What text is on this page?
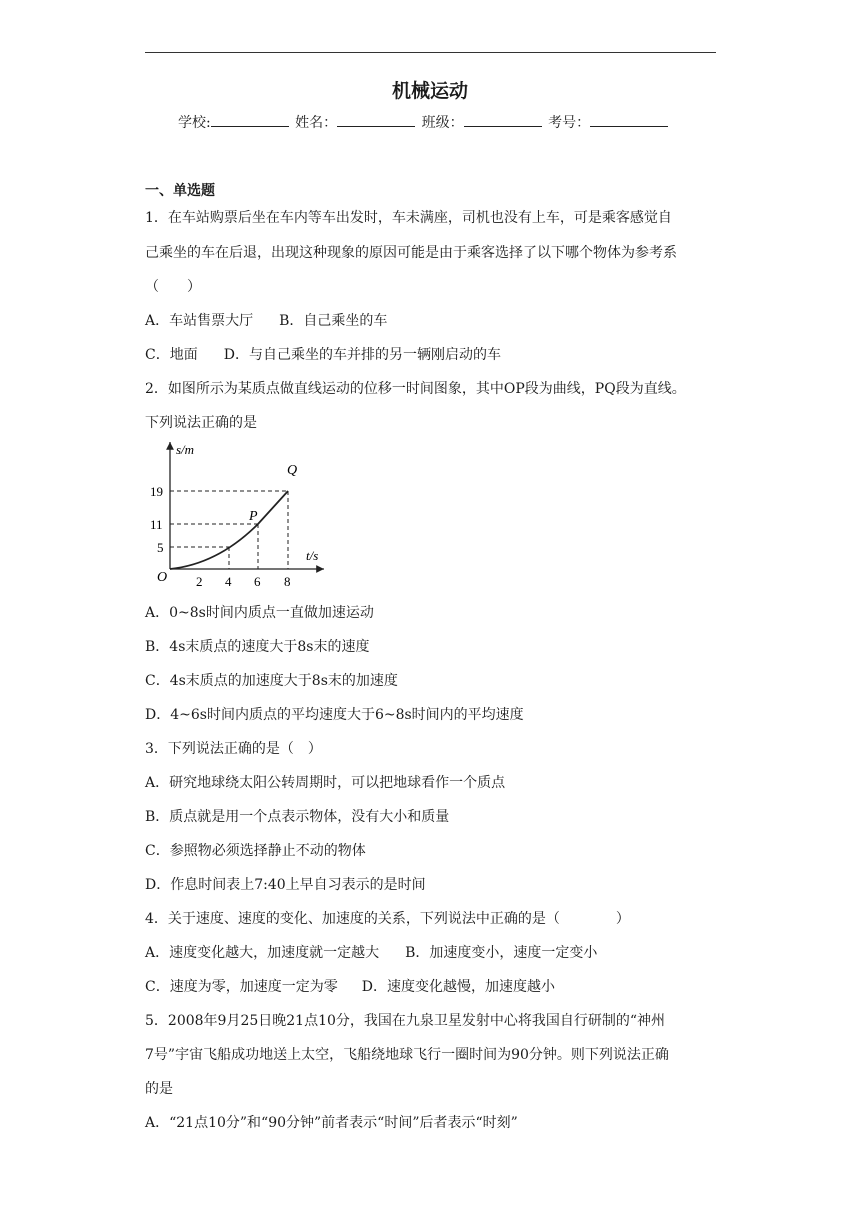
机械运动
学校:	姓名：	班级：	考号：
一、单选题
1．在车站购票后坐在车内等车出发时，车未满座，司机也没有上车，可是乘客感觉自
己乘坐的车在后退，出现这种现象的原因可能是由于乘客选择了以下哪个物体为参考系
（　　）
A．车站售票大厅 B．自己乘坐的车
C．地面 D．与自己乘坐的车并排的另一辆刚启动的车
2．如图所示为某质点做直线运动的位移一时间图象，其中OP段为曲线，PQ段为直线。
下列说法正确的是
s/m
t/s
O 2 4 6 8
5
11
19
P
Q
A．0~8s时间内质点一直做加速运动
B．4s末质点的速度大于8s末的速度
C．4s末质点的加速度大于8s末的加速度
D．4~6s时间内质点的平均速度大于6~8s时间内的平均速度
3．下列说法正确的是（　）
A．研究地球绕太阳公转周期时，可以把地球看作一个质点
B．质点就是用一个点表示物体，没有大小和质量
C．参照物必须选择静止不动的物体
D．作息时间表上7:40上早自习表示的是时间
4．关于速度、速度的变化、加速度的关系，下列说法中正确的是（　　　　）
A．速度变化越大，加速度就一定越大 B．加速度变小，速度一定变小
C．速度为零，加速度一定为零 D．速度变化越慢，加速度越小
5．2008年9月25日晚21点10分，我国在九泉卫星发射中心将我国自行研制的“神州
7号”宇宙飞船成功地送上太空，飞船绕地球飞行一圈时间为90分钟。则下列说法正确
的是
A．“21点10分”和“90分钟”前者表示“时间”后者表示“时刻”
